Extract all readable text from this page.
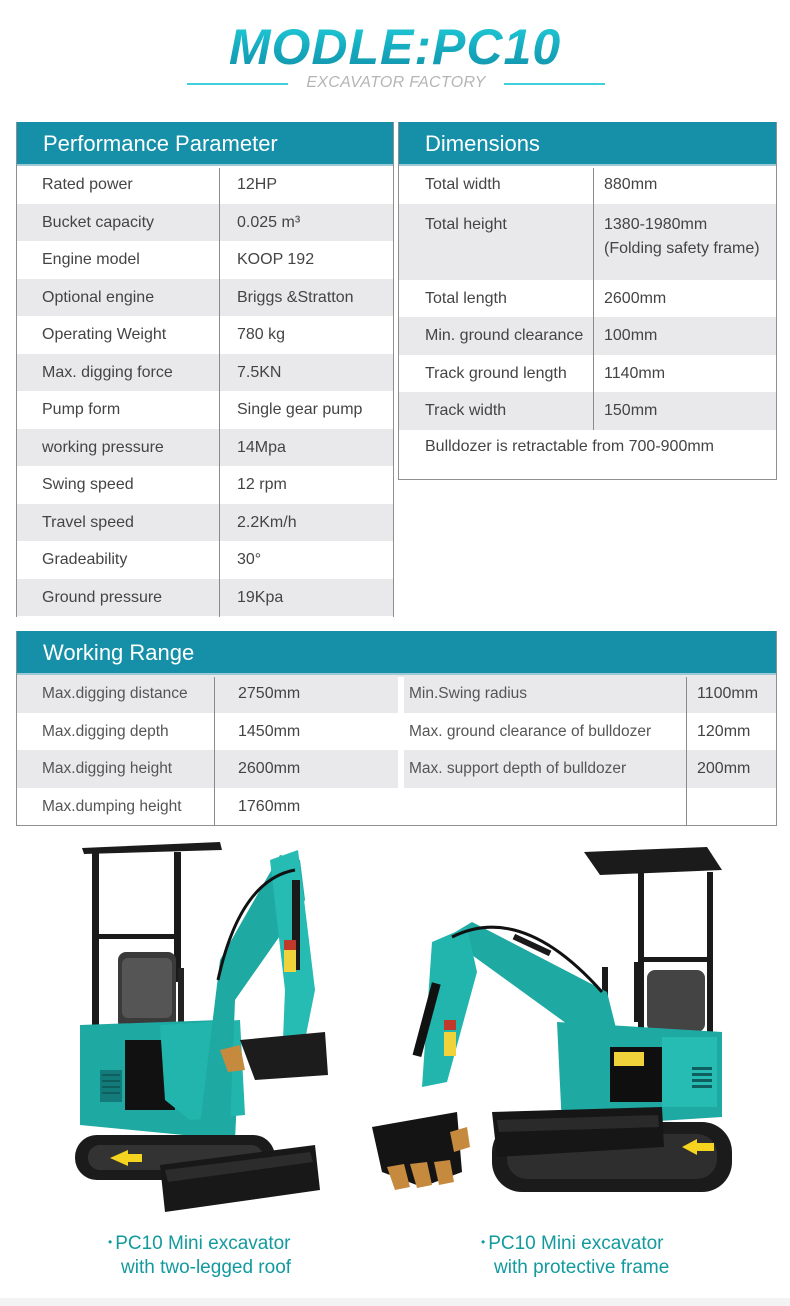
MODLE:PC10
EXCAVATOR FACTORY
Performance Parameter
Rated power	12HP
Bucket capacity	0.025 m³
Engine model	KOOP 192
Optional engine	Briggs &Stratton
Operating Weight	780 kg
Max. digging force	7.5KN
Pump form	Single gear pump
working pressure	14Mpa
Swing speed	12 rpm
Travel speed	2.2Km/h
Gradeability	30°
Ground pressure	19Kpa
Dimensions
Total width	880mm
Total height	1380-1980mm
(Folding safety frame)
Total length	2600mm
Min. ground clearance 100mm
Track ground length 1140mm
Track width	150mm
Bulldozer is retractable from 700-900mm
Working Range
Max.digging distance	2750mm	Min.Swing radius	1100mm
Max.digging depth	1450mm	Max. ground clearance of bulldozer	120mm
Max.digging height	2600mm	Max. support depth of bulldozer	200mm
Max.dumping height	1760mm
• PC10 Mini excavator
with two-legged roof
• PC10 Mini excavator
with protective frame
